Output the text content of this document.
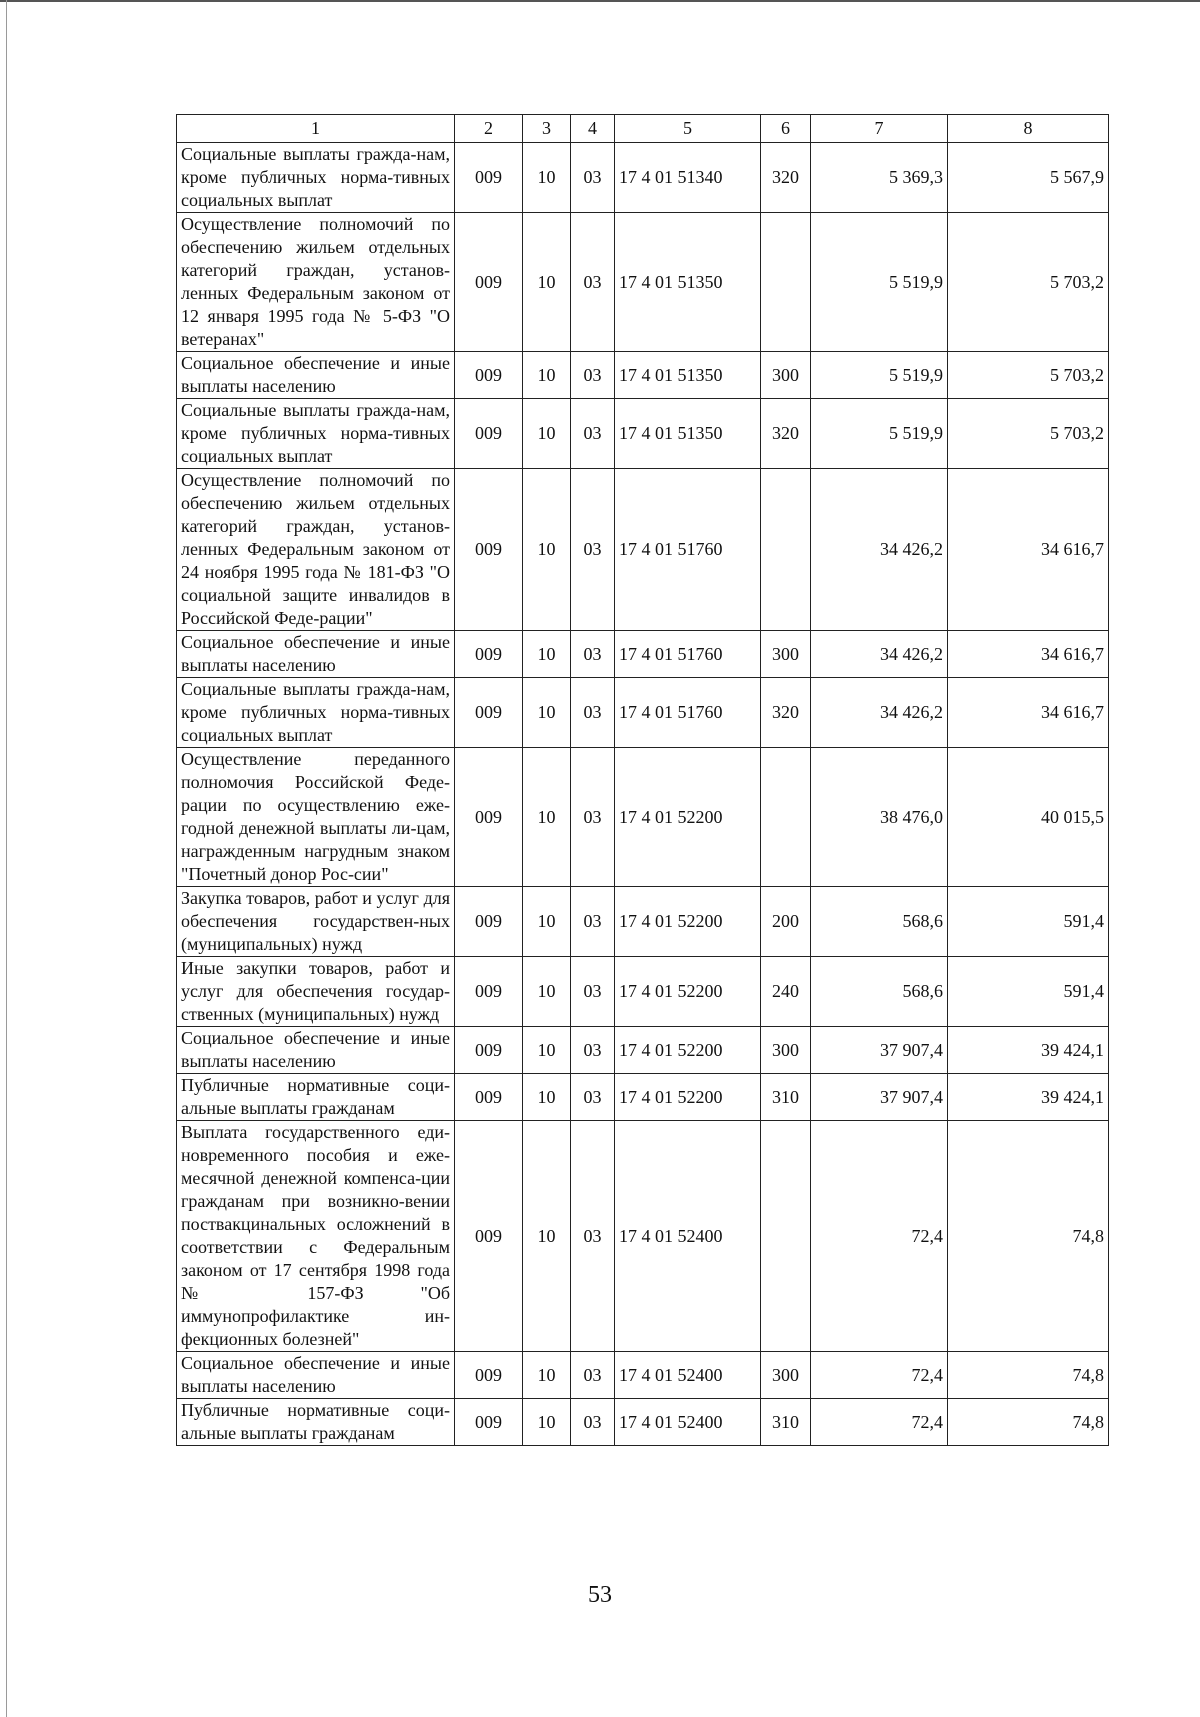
1	2	3	4	5	6	7	8
Социальные выплаты гражда-нам, кроме публичных норма-тивных социальных выплат	009	10	03	17 4 01 51340	320	5 369,3	5 567,9
Осуществление полномочий по обеспечению жильем отдельных категорий граждан, установ-ленных Федеральным законом от 12 января 1995 года № 5-ФЗ "О ветеранах"	009	10	03	17 4 01 51350		5 519,9	5 703,2
Социальное обеспечение и иные выплаты населению	009	10	03	17 4 01 51350	300	5 519,9	5 703,2
Социальные выплаты гражда-нам, кроме публичных норма-тивных социальных выплат	009	10	03	17 4 01 51350	320	5 519,9	5 703,2
Осуществление полномочий по обеспечению жильем отдельных категорий граждан, установ-ленных Федеральным законом от 24 ноября 1995 года № 181-ФЗ "О социальной защите инвалидов в Российской Феде-рации"	009	10	03	17 4 01 51760		34 426,2	34 616,7
Социальное обеспечение и иные выплаты населению	009	10	03	17 4 01 51760	300	34 426,2	34 616,7
Социальные выплаты гражда-нам, кроме публичных норма-тивных социальных выплат	009	10	03	17 4 01 51760	320	34 426,2	34 616,7
Осуществление переданного полномочия Российской Феде-рации по осуществлению еже-годной денежной выплаты ли-цам, награжденным нагрудным знаком "Почетный донор Рос-сии"	009	10	03	17 4 01 52200		38 476,0	40 015,5
Закупка товаров, работ и услуг для обеспечения государствен-ных (муниципальных) нужд	009	10	03	17 4 01 52200	200	568,6	591,4
Иные закупки товаров, работ и услуг для обеспечения государ-ственных (муниципальных) нужд	009	10	03	17 4 01 52200	240	568,6	591,4
Социальное обеспечение и иные выплаты населению	009	10	03	17 4 01 52200	300	37 907,4	39 424,1
Публичные нормативные соци-альные выплаты гражданам	009	10	03	17 4 01 52200	310	37 907,4	39 424,1
Выплата государственного еди-новременного пособия и еже-месячной денежной компенса-ции гражданам при возникно-вении поствакцинальных осложнений в соответствии с Федеральным законом от 17 сентября 1998 года № 157-ФЗ "Об иммунопрофилактике ин-фекционных болезней"	009	10	03	17 4 01 52400		72,4	74,8
Социальное обеспечение и иные выплаты населению	009	10	03	17 4 01 52400	300	72,4	74,8
Публичные нормативные соци-альные выплаты гражданам	009	10	03	17 4 01 52400	310	72,4	74,8
53
